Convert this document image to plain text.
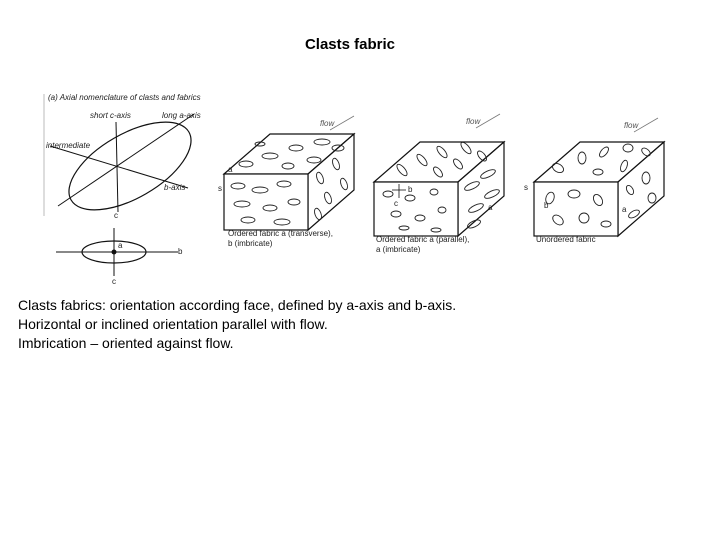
Clasts fabric
(a) Axial nomenclature of clasts and fabrics
short c-axis	long a-axis
intermediate
b-axis
c
a
b
c
flow
s
a
Ordered fabric a (transverse),
b (imbricate)
flow
b
c	a
Ordered fabric a (parallel),
a (imbricate)
flow
s
b	a
Unordered fabric
Clasts fabrics: orientation according face, defined by a-axis and b-axis.
Horizontal or inclined orientation parallel with flow.
Imbrication – oriented against flow.
